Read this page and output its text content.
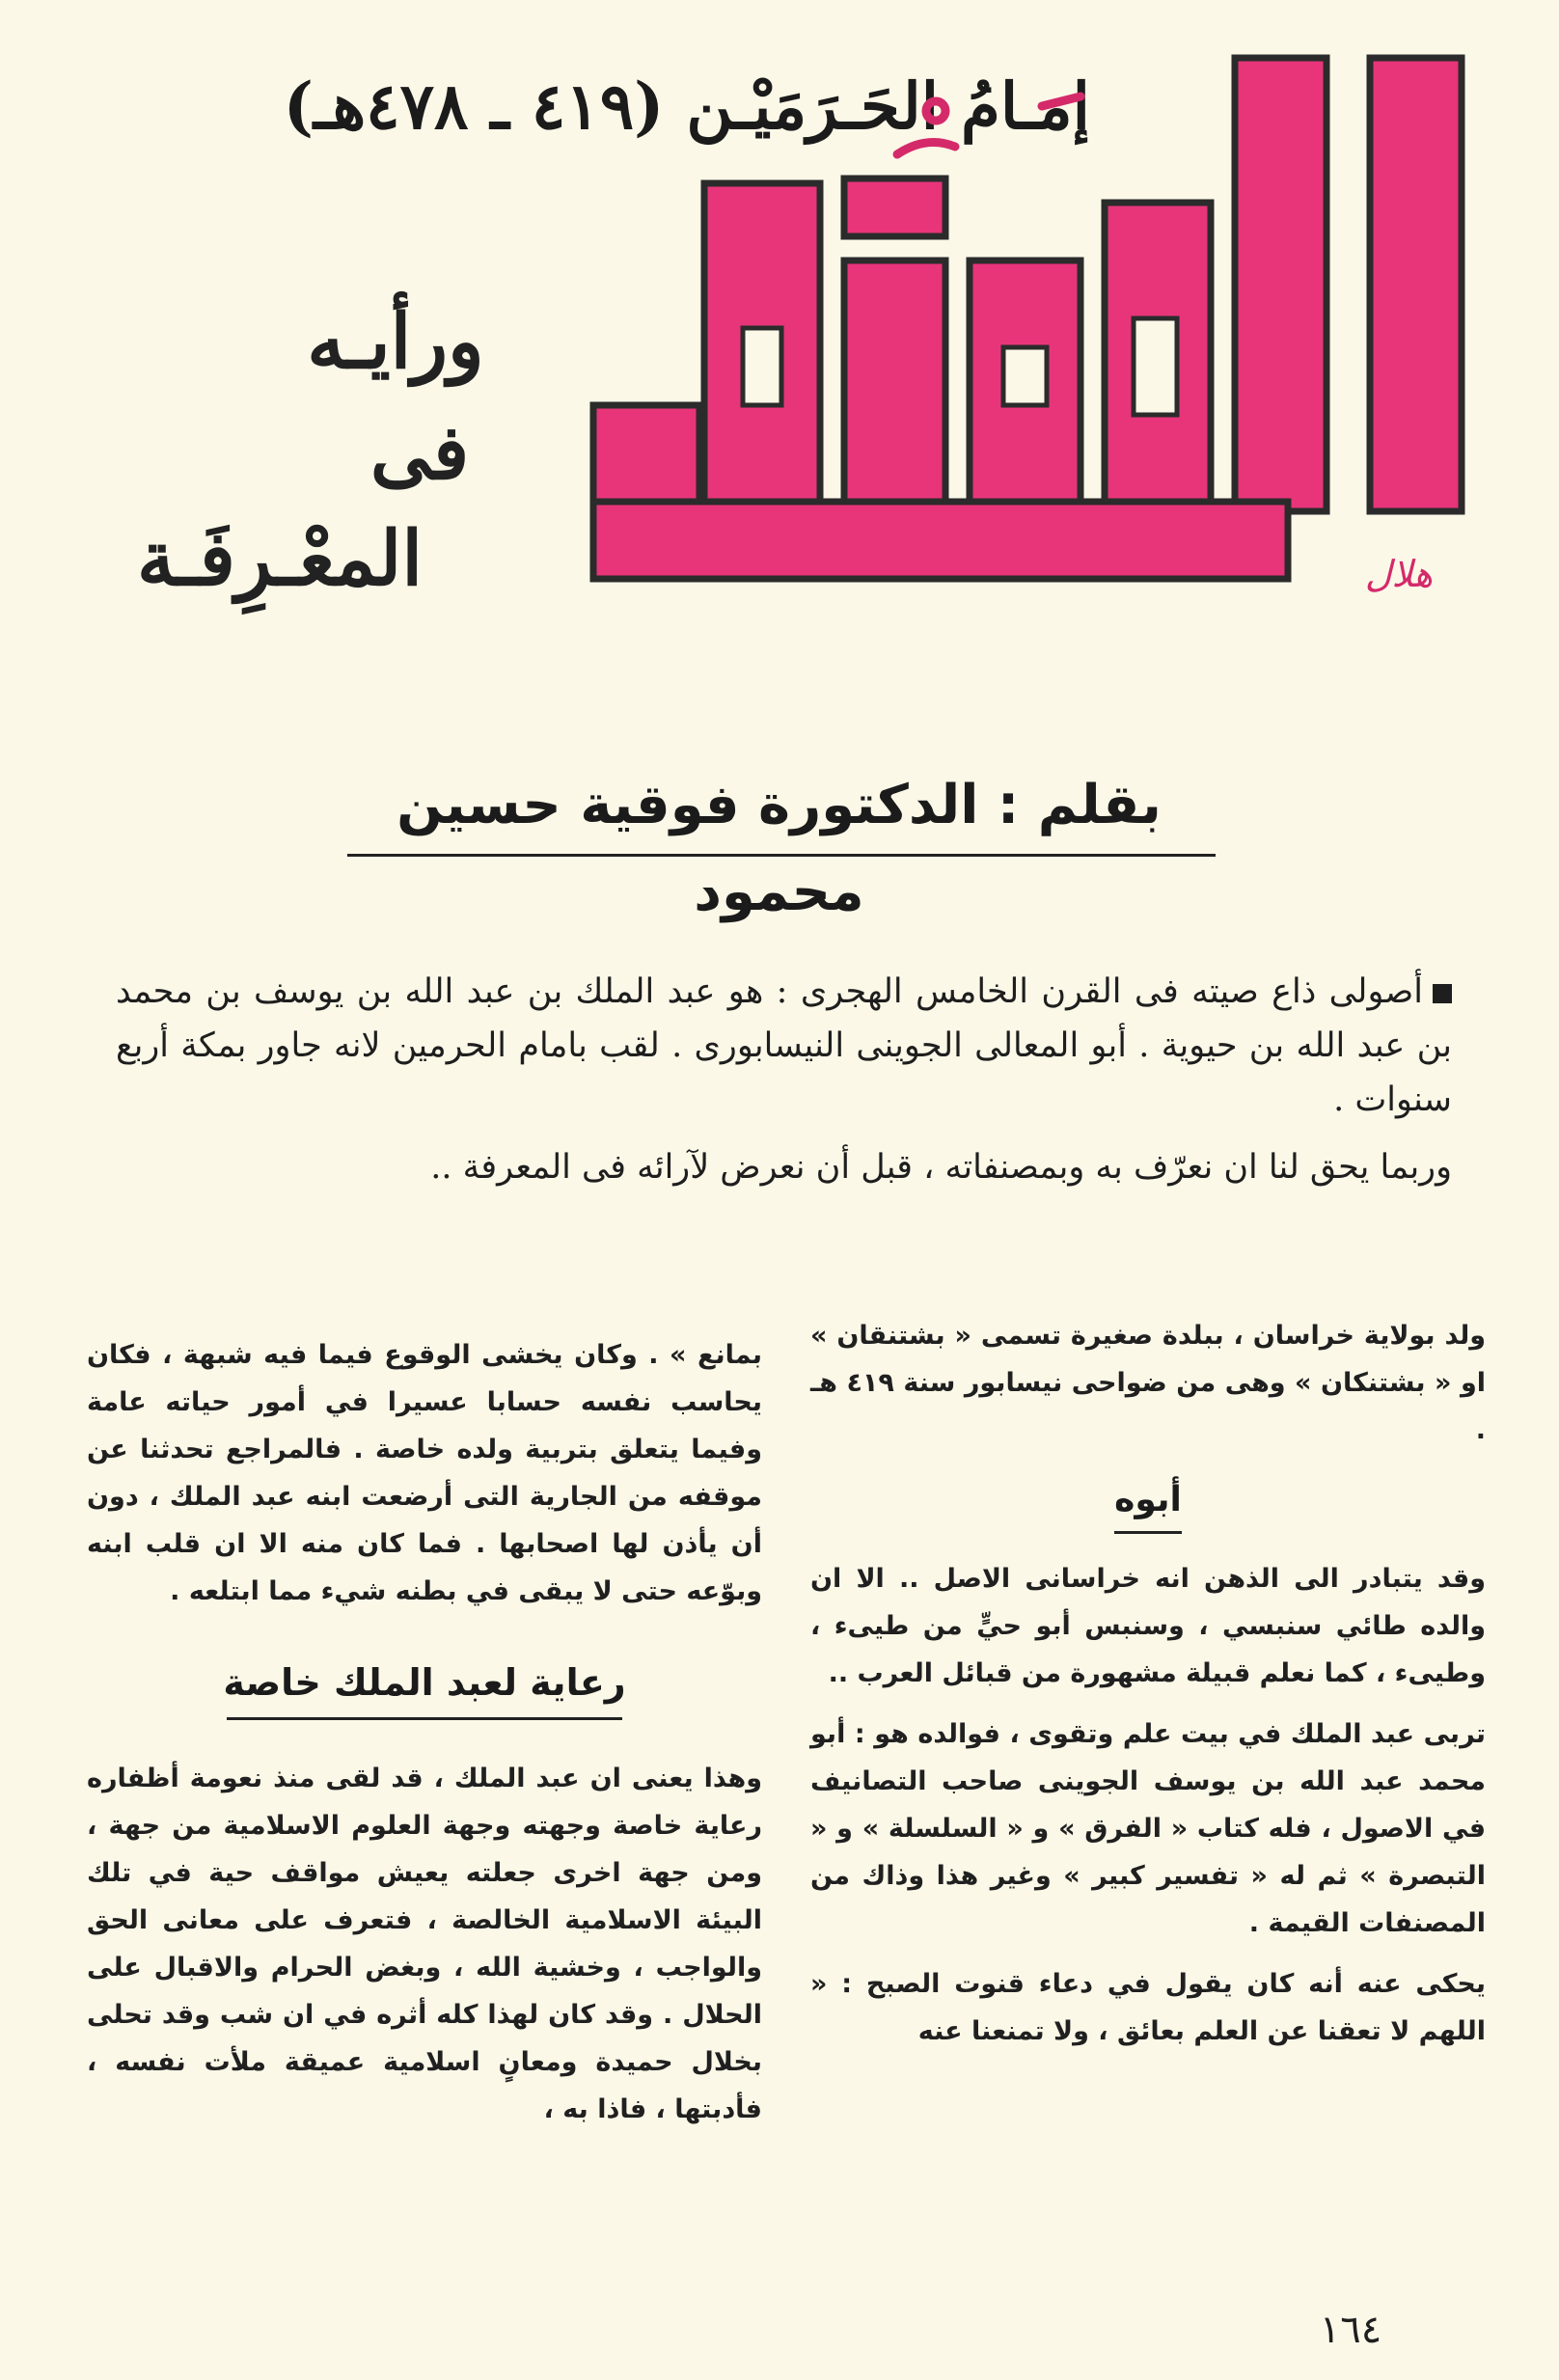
إمـامُ الحَـرَمَيْـن (٤١٩ ـ ٤٧٨هـ)
ورأيـه
فى
المعْـرِفَـة	هلال
بقلم : الدكتورة فوقية حسين محمود

أصولى ذاع صيته فى القرن الخامس الهجرى : هو عبد الملك بن عبد الله بن يوسف بن محمد بن عبد الله بن حيوية . أبو المعالى الجوينى النيسابورى . لقب بامام الحرمين لانه جاور بمكة أربع سنوات .

وربما يحق لنا ان نعرّف به وبمصنفاته ، قبل أن نعرض لآرائه فى المعرفة ..

ولد بولاية خراسان ، ببلدة صغيرة تسمى « بشتنقان » او « بشتنكان » وهى من ضواحى نيسابور سنة ٤١٩ هـ .

أبوه

وقد يتبادر الى الذهن انه خراسانى الاصل .. الا ان والده طائي سنبسي ، وسنبس أبو حيٍّ من طيىء ، وطيىء ، كما نعلم قبيلة مشهورة من قبائل العرب ..

تربى عبد الملك في بيت علم وتقوى ، فوالده هو : أبو محمد عبد الله بن يوسف الجوينى صاحب التصانيف في الاصول ، فله كتاب « الفرق » و « السلسلة » و « التبصرة » ثم له « تفسير كبير » وغير هذا وذاك من المصنفات القيمة .

يحكى عنه أنه كان يقول في دعاء قنوت الصبح : « اللهم لا تعقنا عن العلم بعائق ، ولا تمنعنا عنه

بمانع » . وكان يخشى الوقوع فيما فيه شبهة ، فكان يحاسب نفسه حسابا عسيرا في أمور حياته عامة وفيما يتعلق بتربية ولده خاصة . فالمراجع تحدثنا عن موقفه من الجارية التى أرضعت ابنه عبد الملك ، دون أن يأذن لها اصحابها . فما كان منه الا ان قلب ابنه وبوّعه حتى لا يبقى في بطنه شيء مما ابتلعه .

رعاية لعبد الملك خاصة

وهذا يعنى ان عبد الملك ، قد لقى منذ نعومة أظفاره رعاية خاصة وجهته وجهة العلوم الاسلامية من جهة ، ومن جهة اخرى جعلته يعيش مواقف حية في تلك البيئة الاسلامية الخالصة ، فتعرف على معانى الحق والواجب ، وخشية الله ، وبغض الحرام والاقبال على الحلال . وقد كان لهذا كله أثره في ان شب وقد تحلى بخلال حميدة ومعانٍ اسلامية عميقة ملأت نفسه ، فأدبتها ، فاذا به ،

١٦٤
